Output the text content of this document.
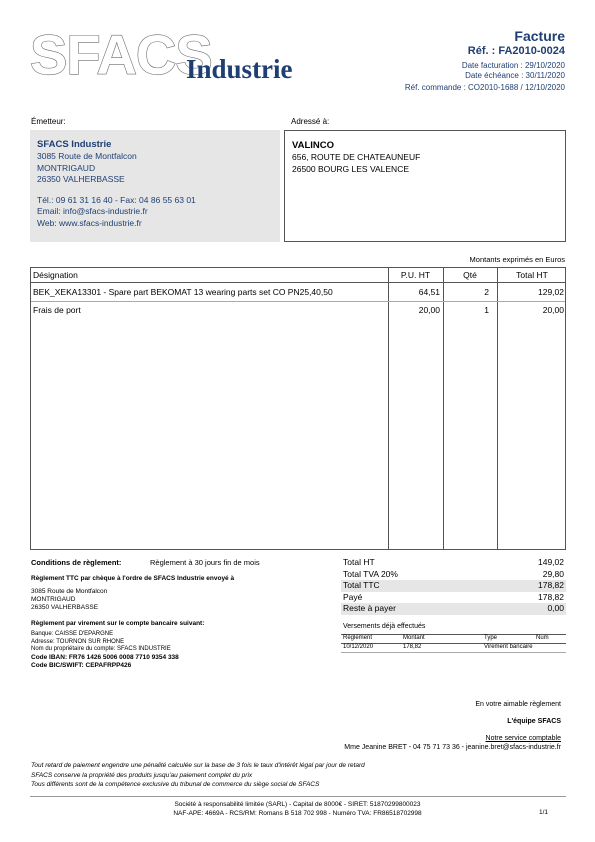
SFACS
Industrie
Facture
Réf. : FA2010-0024
Date facturation : 29/10/2020
Date échéance : 30/11/2020
Réf. commande : CO2010-1688 / 12/10/2020
Émetteur:	Adressé à:
SFACS Industrie
3085 Route de Montfalcon
MONTRIGAUD
26350 VALHERBASSE
Tél.: 09 61 31 16 40 - Fax: 04 86 55 63 01
Email: info@sfacs-industrie.fr
Web: www.sfacs-industrie.fr
VALINCO
656, ROUTE DE CHATEAUNEUF
26500 BOURG LES VALENCE
Montants exprimés en Euros
Désignation	P.U. HT	Qté	Total HT
BEK_XEKA13301 - Spare part BEKOMAT 13 wearing parts set CO PN25,40,50	64,51	2	129,02
Frais de port	20,00	1	20,00
Conditions de règlement:	Règlement à 30 jours fin de mois
Règlement TTC par chèque à l'ordre de SFACS Industrie envoyé à
3085 Route de Montfalcon
MONTRIGAUD
26350 VALHERBASSE
Règlement par virement sur le compte bancaire suivant:
Banque: CAISSE D'EPARGNE
Adresse: TOURNON SUR RHONE
Nom du propriétaire du compte: SFACS INDUSTRIE
Code IBAN: FR76 1426 5006 0008 7710 9354 338
Code BIC/SWIFT: CEPAFRPP426
Total HT	149,02
Total TVA 20%	29,80
Total TTC	178,82
Payé	178,82
Reste à payer	0,00
Versements déjà effectués
Règlement	Montant	Type	Num
10/12/2020	178,82	Virement bancaire
En votre aimable règlement
L'équipe SFACS
Notre service comptable
Mme Jeanine BRET - 04 75 71 73 36 - jeanine.bret@sfacs-industrie.fr
Tout retard de paiement engendre une pénalité calculée sur la base de 3 fois le taux d'intérêt légal par jour de retard
SFACS conserve la propriété des produits jusqu'au paiement complet du prix
Tous différents sont de la compétence exclusive du tribunal de commerce du siège social de SFACS
Société à responsabilité limitée (SARL) - Capital de 8000€ - SIRET: 51870299800023
NAF-APE: 4669A - RCS/RM: Romans B 518 702 998 - Numéro TVA: FR86518702998	1/1
